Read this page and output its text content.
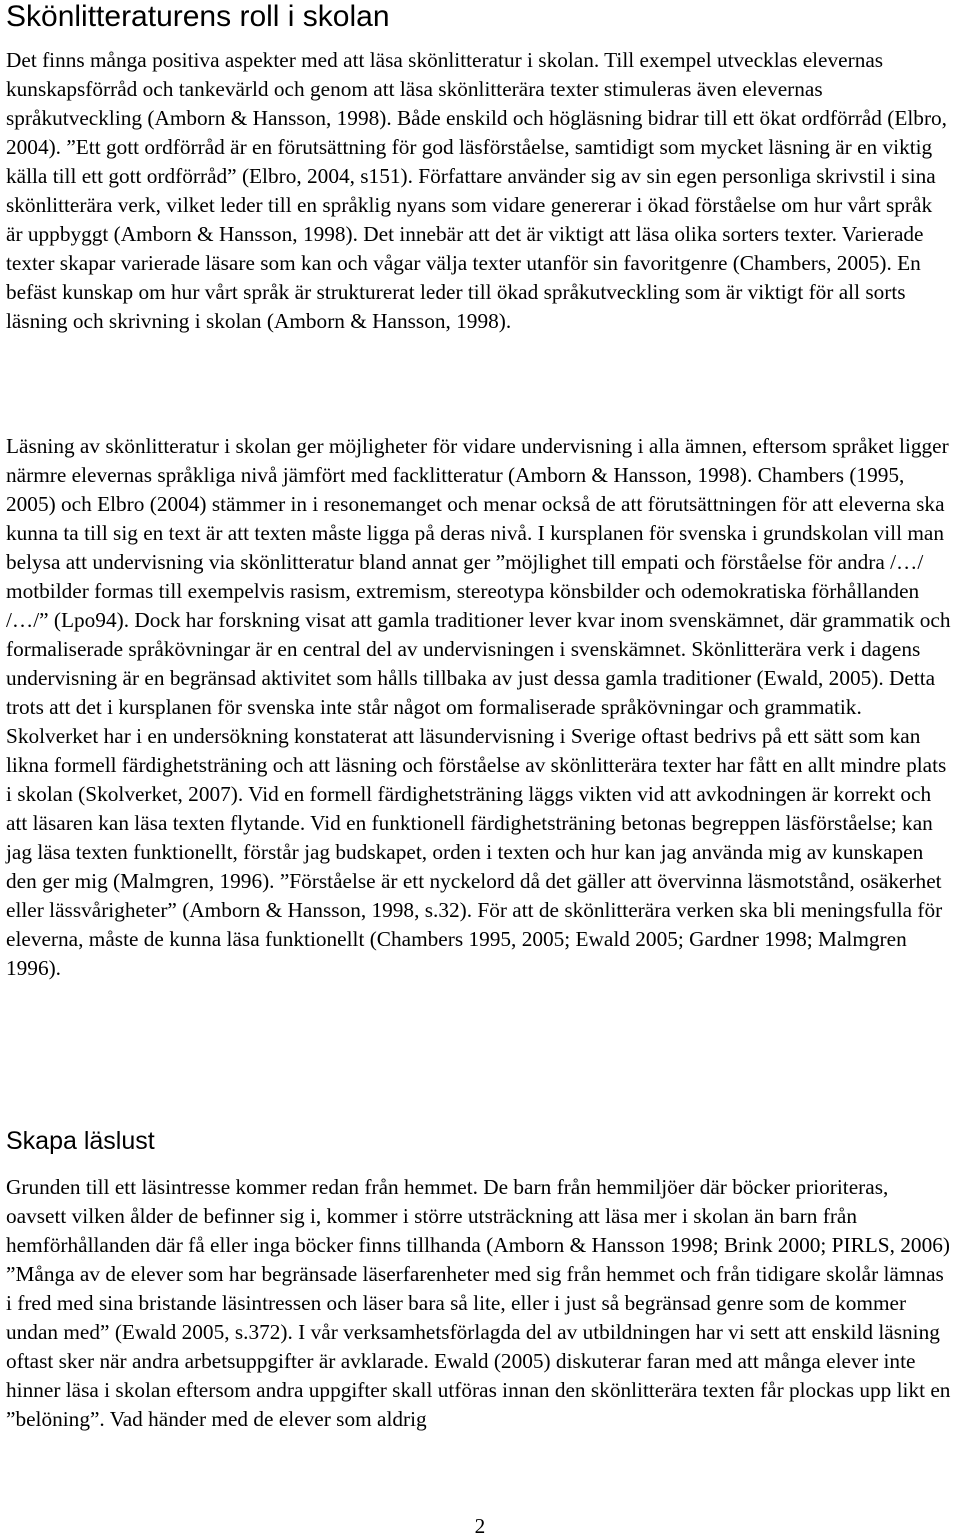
Skönlitteraturens roll i skolan

Det finns många positiva aspekter med att läsa skönlitteratur i skolan. Till exempel utvecklas elevernas kunskapsförråd och tankevärld och genom att läsa skönlitterära texter stimuleras även elevernas språkutveckling (Amborn & Hansson, 1998). Både enskild och högläsning bidrar till ett ökat ordförråd (Elbro, 2004). ”Ett gott ordförråd är en förutsättning för god läsförståelse, samtidigt som mycket läsning är en viktig källa till ett gott ordförråd” (Elbro, 2004, s151). Författare använder sig av sin egen personliga skrivstil i sina skönlitterära verk, vilket leder till en språklig nyans som vidare genererar i ökad förståelse om hur vårt språk är uppbyggt (Amborn & Hansson, 1998). Det innebär att det är viktigt att läsa olika sorters texter. Varierade texter skapar varierade läsare som kan och vågar välja texter utanför sin favoritgenre (Chambers, 2005). En befäst kunskap om hur vårt språk är strukturerat leder till ökad språkutveckling som är viktigt för all sorts läsning och skrivning i skolan (Amborn & Hansson, 1998).

Läsning av skönlitteratur i skolan ger möjligheter för vidare undervisning i alla ämnen, eftersom språket ligger närmre elevernas språkliga nivå jämfört med facklitteratur (Amborn & Hansson, 1998). Chambers (1995, 2005) och Elbro (2004) stämmer in i resonemanget och menar också de att förutsättningen för att eleverna ska kunna ta till sig en text är att texten måste ligga på deras nivå. I kursplanen för svenska i grundskolan vill man belysa att undervisning via skönlitteratur bland annat ger ”möjlighet till empati och förståelse för andra /…/ motbilder formas till exempelvis rasism, extremism, stereotypa könsbilder och odemokratiska förhållanden /…/” (Lpo94). Dock har forskning visat att gamla traditioner lever kvar inom svenskämnet, där grammatik och formaliserade språkövningar är en central del av undervisningen i svenskämnet. Skönlitterära verk i dagens undervisning är en begränsad aktivitet som hålls tillbaka av just dessa gamla traditioner (Ewald, 2005). Detta trots att det i kursplanen för svenska inte står något om formaliserade språkövningar och grammatik. Skolverket har i en undersökning konstaterat att läsundervisning i Sverige oftast bedrivs på ett sätt som kan likna formell färdighetsträning och att läsning och förståelse av skönlitterära texter har fått en allt mindre plats i skolan (Skolverket, 2007). Vid en formell färdighetsträning läggs vikten vid att avkodningen är korrekt och att läsaren kan läsa texten flytande. Vid en funktionell färdighetsträning betonas begreppen läsförståelse; kan jag läsa texten funktionellt, förstår jag budskapet, orden i texten och hur kan jag använda mig av kunskapen den ger mig (Malmgren, 1996). ”Förståelse är ett nyckelord då det gäller att övervinna läsmotstånd, osäkerhet eller lässvårigheter” (Amborn & Hansson, 1998, s.32). För att de skönlitterära verken ska bli meningsfulla för eleverna, måste de kunna läsa funktionellt (Chambers 1995, 2005; Ewald 2005; Gardner 1998; Malmgren 1996).

Skapa läslust

Grunden till ett läsintresse kommer redan från hemmet. De barn från hemmiljöer där böcker prioriteras, oavsett vilken ålder de befinner sig i, kommer i större utsträckning att läsa mer i skolan än barn från hemförhållanden där få eller inga böcker finns tillhanda (Amborn & Hansson 1998; Brink 2000; PIRLS, 2006) ”Många av de elever som har begränsade läserfarenheter med sig från hemmet och från tidigare skolår lämnas i fred med sina bristande läsintressen och läser bara så lite, eller i just så begränsad genre som de kommer undan med” (Ewald 2005, s.372). I vår verksamhetsförlagda del av utbildningen har vi sett att enskild läsning oftast sker när andra arbetsuppgifter är avklarade. Ewald (2005) diskuterar faran med att många elever inte hinner läsa i skolan eftersom andra uppgifter skall utföras innan den skönlitterära texten får plockas upp likt en ”belöning”. Vad händer med de elever som aldrig

2
